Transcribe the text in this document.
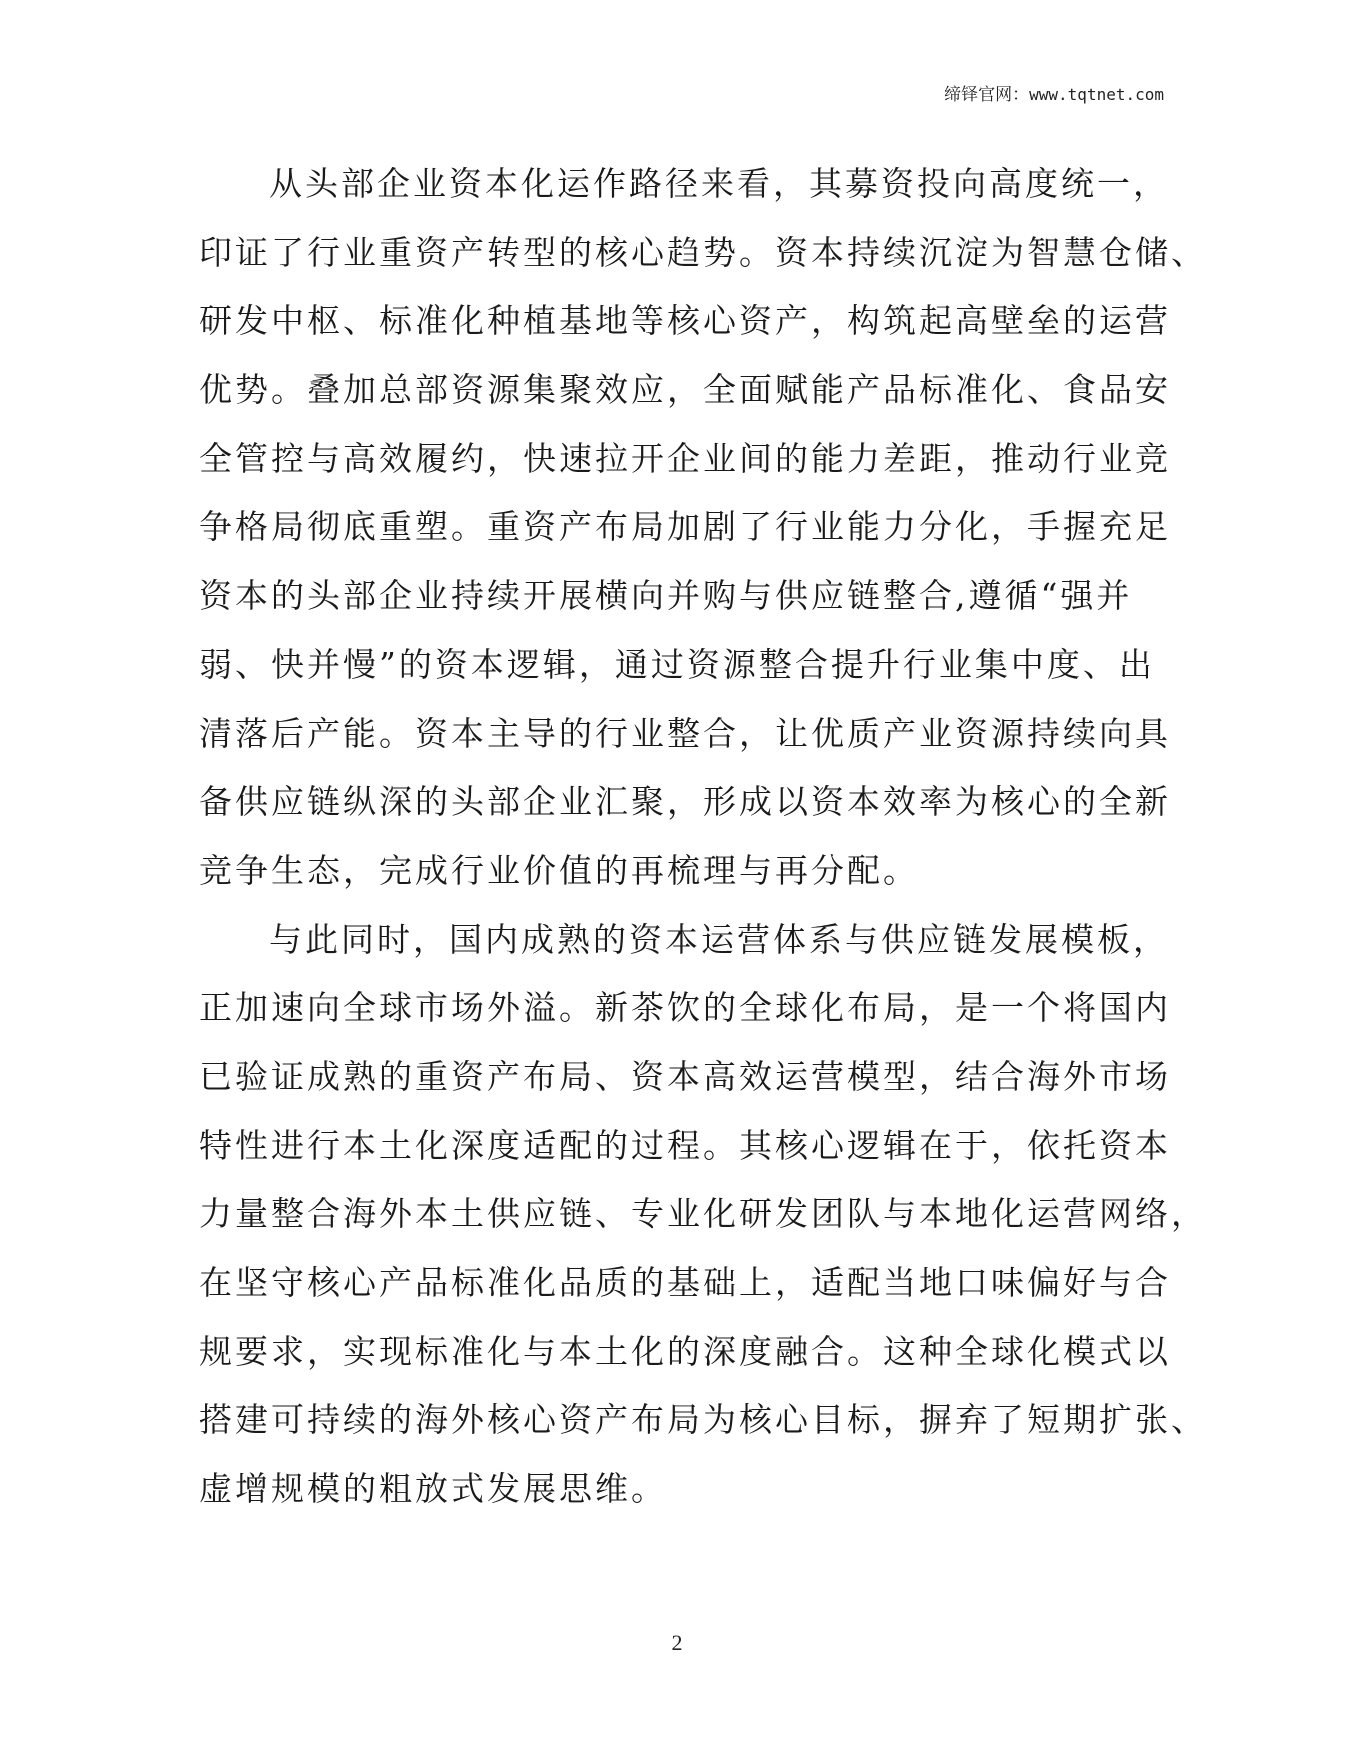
缔铎官网：www.tqtnet.com
从头部企业资本化运作路径来看，其募资投向高度统一，
印证了行业重资产转型的核心趋势。资本持续沉淀为智慧仓储、
研发中枢、标准化种植基地等核心资产，构筑起高壁垒的运营
优势。叠加总部资源集聚效应，全面赋能产品标准化、食品安
全管控与高效履约，快速拉开企业间的能力差距，推动行业竞
争格局彻底重塑。重资产布局加剧了行业能力分化，手握充足
资本的头部企业持续开展横向并购与供应链整合,遵循“强并
弱、快并慢”的资本逻辑，通过资源整合提升行业集中度、出
清落后产能。资本主导的行业整合，让优质产业资源持续向具
备供应链纵深的头部企业汇聚，形成以资本效率为核心的全新
竞争生态，完成行业价值的再梳理与再分配。
与此同时，国内成熟的资本运营体系与供应链发展模板，
正加速向全球市场外溢。新茶饮的全球化布局，是一个将国内
已验证成熟的重资产布局、资本高效运营模型，结合海外市场
特性进行本土化深度适配的过程。其核心逻辑在于，依托资本
力量整合海外本土供应链、专业化研发团队与本地化运营网络，
在坚守核心产品标准化品质的基础上，适配当地口味偏好与合
规要求，实现标准化与本土化的深度融合。这种全球化模式以
搭建可持续的海外核心资产布局为核心目标，摒弃了短期扩张、
虚增规模的粗放式发展思维。
2
